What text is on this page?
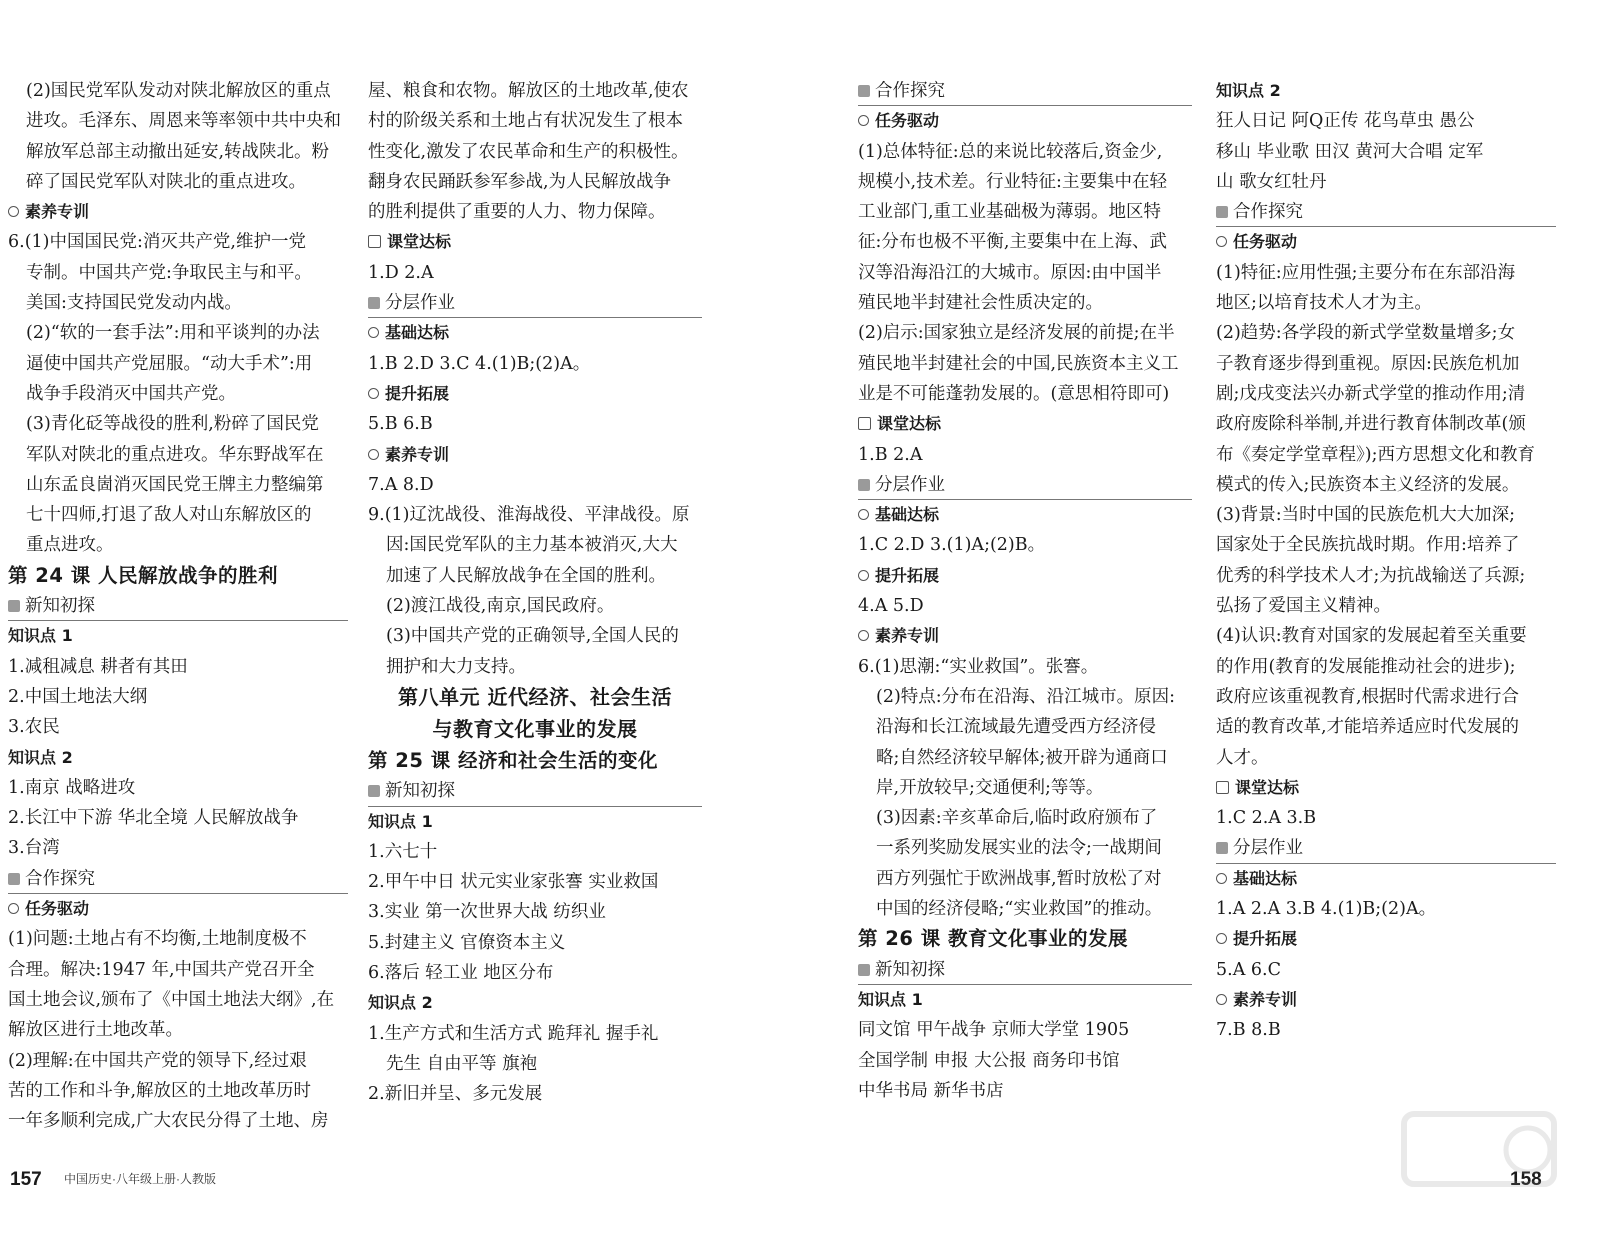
(2)国民党军队发动对陕北解放区的重点
进攻。毛泽东、周恩来等率领中共中央和
解放军总部主动撤出延安,转战陕北。粉
碎了国民党军队对陕北的重点进攻。
素养专训
6.(1)中国国民党:消灭共产党,维护一党
专制。中国共产党:争取民主与和平。
美国:支持国民党发动内战。
(2)“软的一套手法”:用和平谈判的办法
逼使中国共产党屈服。“动大手术”:用
战争手段消灭中国共产党。
(3)青化砭等战役的胜利,粉碎了国民党
军队对陕北的重点进攻。华东野战军在
山东孟良崮消灭国民党王牌主力整编第
七十四师,打退了敌人对山东解放区的
重点进攻。
第 24 课 人民解放战争的胜利
新知初探
知识点 1
1.减租减息 耕者有其田
2.中国土地法大纲
3.农民
知识点 2
1.南京 战略进攻
2.长江中下游 华北全境 人民解放战争
3.台湾
合作探究
任务驱动
(1)问题:土地占有不均衡,土地制度极不
合理。解决:1947 年,中国共产党召开全
国土地会议,颁布了《中国土地法大纲》,在
解放区进行土地改革。
(2)理解:在中国共产党的领导下,经过艰
苦的工作和斗争,解放区的土地改革历时
一年多顺利完成,广大农民分得了土地、房
屋、粮食和农物。解放区的土地改革,使农
村的阶级关系和土地占有状况发生了根本
性变化,激发了农民革命和生产的积极性。
翻身农民踊跃参军参战,为人民解放战争
的胜利提供了重要的人力、物力保障。
课堂达标
1.D 2.A
分层作业
基础达标
1.B 2.D 3.C 4.(1)B;(2)A。
提升拓展
5.B 6.B
素养专训
7.A 8.D
9.(1)辽沈战役、淮海战役、平津战役。原
因:国民党军队的主力基本被消灭,大大
加速了人民解放战争在全国的胜利。
(2)渡江战役,南京,国民政府。
(3)中国共产党的正确领导,全国人民的
拥护和大力支持。
第八单元 近代经济、社会生活
与教育文化事业的发展
第 25 课 经济和社会生活的变化
新知初探
知识点 1
1.六七十
2.甲午中日 状元实业家张謇 实业救国
3.实业 第一次世界大战 纺织业
5.封建主义 官僚资本主义
6.落后 轻工业 地区分布
知识点 2
1.生产方式和生活方式 跪拜礼 握手礼
先生 自由平等 旗袍
2.新旧并呈、多元发展
合作探究
任务驱动
(1)总体特征:总的来说比较落后,资金少,
规模小,技术差。行业特征:主要集中在轻
工业部门,重工业基础极为薄弱。地区特
征:分布也极不平衡,主要集中在上海、武
汉等沿海沿江的大城市。原因:由中国半
殖民地半封建社会性质决定的。
(2)启示:国家独立是经济发展的前提;在半
殖民地半封建社会的中国,民族资本主义工
业是不可能蓬勃发展的。(意思相符即可)
课堂达标
1.B 2.A
分层作业
基础达标
1.C 2.D 3.(1)A;(2)B。
提升拓展
4.A 5.D
素养专训
6.(1)思潮:“实业救国”。张謇。
(2)特点:分布在沿海、沿江城市。原因:
沿海和长江流域最先遭受西方经济侵
略;自然经济较早解体;被开辟为通商口
岸,开放较早;交通便利;等等。
(3)因素:辛亥革命后,临时政府颁布了
一系列奖励发展实业的法令;一战期间
西方列强忙于欧洲战事,暂时放松了对
中国的经济侵略;“实业救国”的推动。
第 26 课 教育文化事业的发展
新知初探
知识点 1
同文馆 甲午战争 京师大学堂 1905
全国学制 申报 大公报 商务印书馆
中华书局 新华书店
知识点 2
狂人日记 阿Q正传 花鸟草虫 愚公
移山 毕业歌 田汉 黄河大合唱 定军
山 歌女红牡丹
合作探究
任务驱动
(1)特征:应用性强;主要分布在东部沿海
地区;以培育技术人才为主。
(2)趋势:各学段的新式学堂数量增多;女
子教育逐步得到重视。原因:民族危机加
剧;戊戌变法兴办新式学堂的推动作用;清
政府废除科举制,并进行教育体制改革(颁
布《奏定学堂章程》);西方思想文化和教育
模式的传入;民族资本主义经济的发展。
(3)背景:当时中国的民族危机大大加深;
国家处于全民族抗战时期。作用:培养了
优秀的科学技术人才;为抗战输送了兵源;
弘扬了爱国主义精神。
(4)认识:教育对国家的发展起着至关重要
的作用(教育的发展能推动社会的进步);
政府应该重视教育,根据时代需求进行合
适的教育改革,才能培养适应时代发展的
人才。
课堂达标
1.C 2.A 3.B
分层作业
基础达标
1.A 2.A 3.B 4.(1)B;(2)A。
提升拓展
5.A 6.C
素养专训
7.B 8.B
157 中国历史·八年级上册·人教版	158
